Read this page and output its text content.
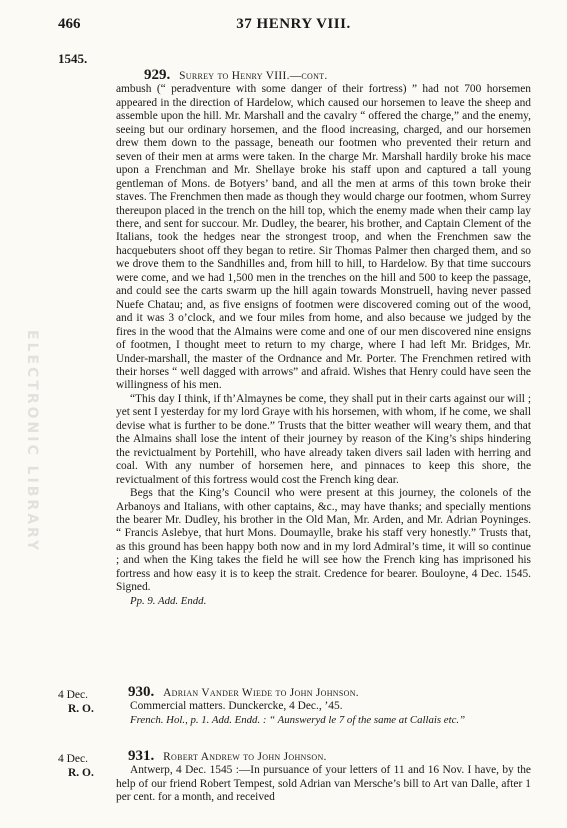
466	37 HENRY VIII.
1545.
ELECTRONIC LIBRARY
929. Surrey to Henry VIII.—cont.

ambush (“ peradventure with some danger of their fortress) ” had not 700 horsemen appeared in the direction of Hardelow, which caused our horsemen to leave the sheep and assemble upon the hill. Mr. Marshall and the cavalry “ offered the charge,” and the enemy, seeing but our ordinary horsemen, and the flood increasing, charged, and our horsemen drew them down to the passage, beneath our footmen who prevented their return and seven of their men at arms were taken. In the charge Mr. Marshall hardily broke his mace upon a Frenchman and Mr. Shellaye broke his staff upon and captured a tall young gentleman of Mons. de Botyers’ band, and all the men at arms of this town broke their staves. The Frenchmen then made as though they would charge our footmen, whom Surrey thereupon placed in the trench on the hill top, which the enemy made when their camp lay there, and sent for succour. Mr. Dudley, the bearer, his brother, and Captain Clement of the Italians, took the hedges near the strongest troop, and when the Frenchmen saw the hacquebuters shoot off they began to retire. Sir Thomas Palmer then charged them, and so we drove them to the Sandhilles and, from hill to hill, to Hardelow. By that time succours were come, and we had 1,500 men in the trenches on the hill and 500 to keep the passage, and could see the carts swarm up the hill again towards Monstruell, having never passed Nuefe Chatau; and, as five ensigns of footmen were discovered coming out of the wood, and it was 3 o’clock, and we four miles from home, and also because we judged by the fires in the wood that the Almains were come and one of our men discovered nine ensigns of footmen, I thought meet to return to my charge, where I had left Mr. Bridges, Mr. Under-marshall, the master of the Ordnance and Mr. Porter. The Frenchmen retired with their horses “ well dagged with arrows” and afraid. Wishes that Henry could have seen the willingness of his men.

“This day I think, if th’Almaynes be come, they shall put in their carts against our will ; yet sent I yesterday for my lord Graye with his horsemen, with whom, if he come, we shall devise what is further to be done.” Trusts that the bitter weather will weary them, and that the Almains shall lose the intent of their journey by reason of the King’s ships hindering the revictualment by Portehill, who have already taken divers sail laden with herring and coal. With any number of horsemen here, and pinnaces to keep this shore, the revictualment of this fortress would cost the French king dear.

Begs that the King’s Council who were present at this journey, the colonels of the Arbanoys and Italians, with other captains, &c., may have thanks; and specially mentions the bearer Mr. Dudley, his brother in the Old Man, Mr. Arden, and Mr. Adrian Poyninges. “ Francis Aslebye, that hurt Mons. Doumaylle, brake his staff very honestly.” Trusts that, as this ground has been happy both now and in my lord Admiral’s time, it will so continue ; and when the King takes the field he will see how the French king has imprisoned his fortress and how easy it is to keep the strait. Credence for bearer. Bouloyne, 4 Dec. 1545. Signed.

Pp. 9. Add. Endd.
4 Dec.
R. O.
930. Adrian Vander Wiede to John Johnson.

Commercial matters. Dunckercke, 4 Dec., ’45.

French. Hol., p. 1. Add. Endd. : “ Aunsweryd le 7 of the same at Callais etc.”
4 Dec.
R. O.
931. Robert Andrew to John Johnson.

Antwerp, 4 Dec. 1545 :—In pursuance of your letters of 11 and 16 Nov. I have, by the help of our friend Robert Tempest, sold Adrian van Mersche’s bill to Art van Dalle, after 1 per cent. for a month, and received
